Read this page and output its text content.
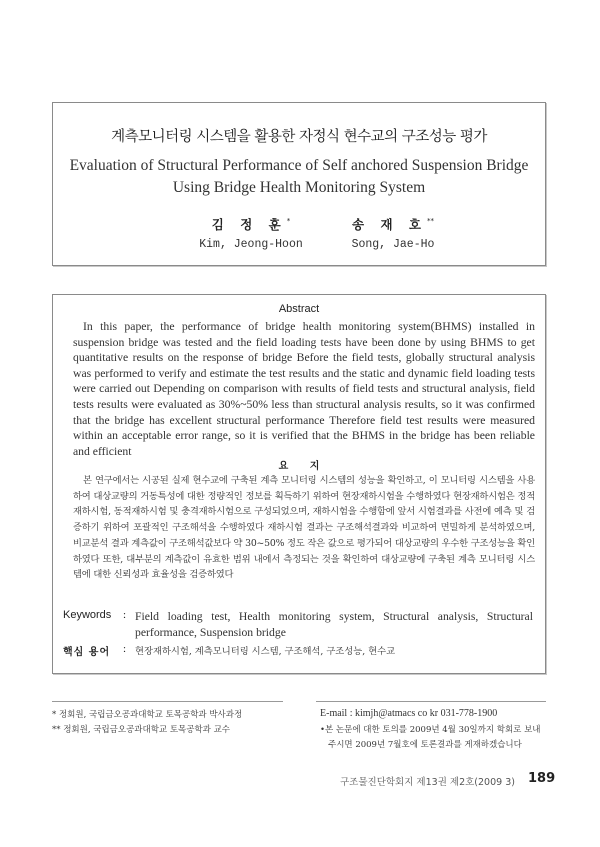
계측모니터링 시스템을 활용한 자정식 현수교의 구조성능 평가
Evaluation of Structural Performance of Self anchored Suspension Bridge
Using Bridge Health Monitoring System
김 정 훈*
Kim, Jeong-Hoon
송 재 호**
Song, Jae-Ho
Abstract
In this paper, the performance of bridge health monitoring system(BHMS) installed in suspension bridge was tested and the field loading tests have been done by using BHMS to get quantitative results on the response of bridge Before the field tests, globally structural analysis was performed to verify and estimate the test results and the static and dynamic field loading tests were carried out Depending on comparison with results of field tests and structural analysis, field tests results were evaluated as 30%~50% less than structural analysis results, so it was confirmed that the bridge has excellent structural performance Therefore field test results were measured within an acceptable error range, so it is verified that the BHMS in the bridge has been reliable and efficient
요 지
본 연구에서는 시공된 실제 현수교에 구축된 계측 모니터링 시스템의 성능을 확인하고, 이 모니터링 시스템을 사용하여 대상교량의 거동특성에 대한 정량적인 정보를 획득하기 위하여 현장재하시험을 수행하였다 현장재하시험은 정적재하시험, 동적재하시험 및 충격재하시험으로 구성되었으며, 재하시험을 수행함에 앞서 시험결과를 사전에 예측 및 검증하기 위하여 포괄적인 구조해석을 수행하였다 재하시험 결과는 구조해석결과와 비교하여 면밀하게 분석하였으며, 비교분석 결과 계측값이 구조해석값보다 약 30~50% 정도 작은 값으로 평가되어 대상교량의 우수한 구조성능을 확인하였다 또한, 대부분의 계측값이 유효한 범위 내에서 측정되는 것을 확인하여 대상교량에 구축된 계측 모니터링 시스템에 대한 신뢰성과 효율성을 검증하였다
Keywords	: Field loading test, Health monitoring system, Structural analysis, Structural performance, Suspension bridge
핵심 용어	: 현장재하시험, 계측모니터링 시스템, 구조해석, 구조성능, 현수교
* 정회원, 국립금오공과대학교 토목공학과 박사과정
** 정회원, 국립금오공과대학교 토목공학과 교수
E-mail : kimjh@atmacs co kr 031-778-1900
•본 논문에 대한 토의를 2009년 4월 30일까지 학회로 보내
주시면 2009년 7월호에 토론결과를 게재하겠습니다
구조물진단학회지 제13권 제2호(2009 3) 189
